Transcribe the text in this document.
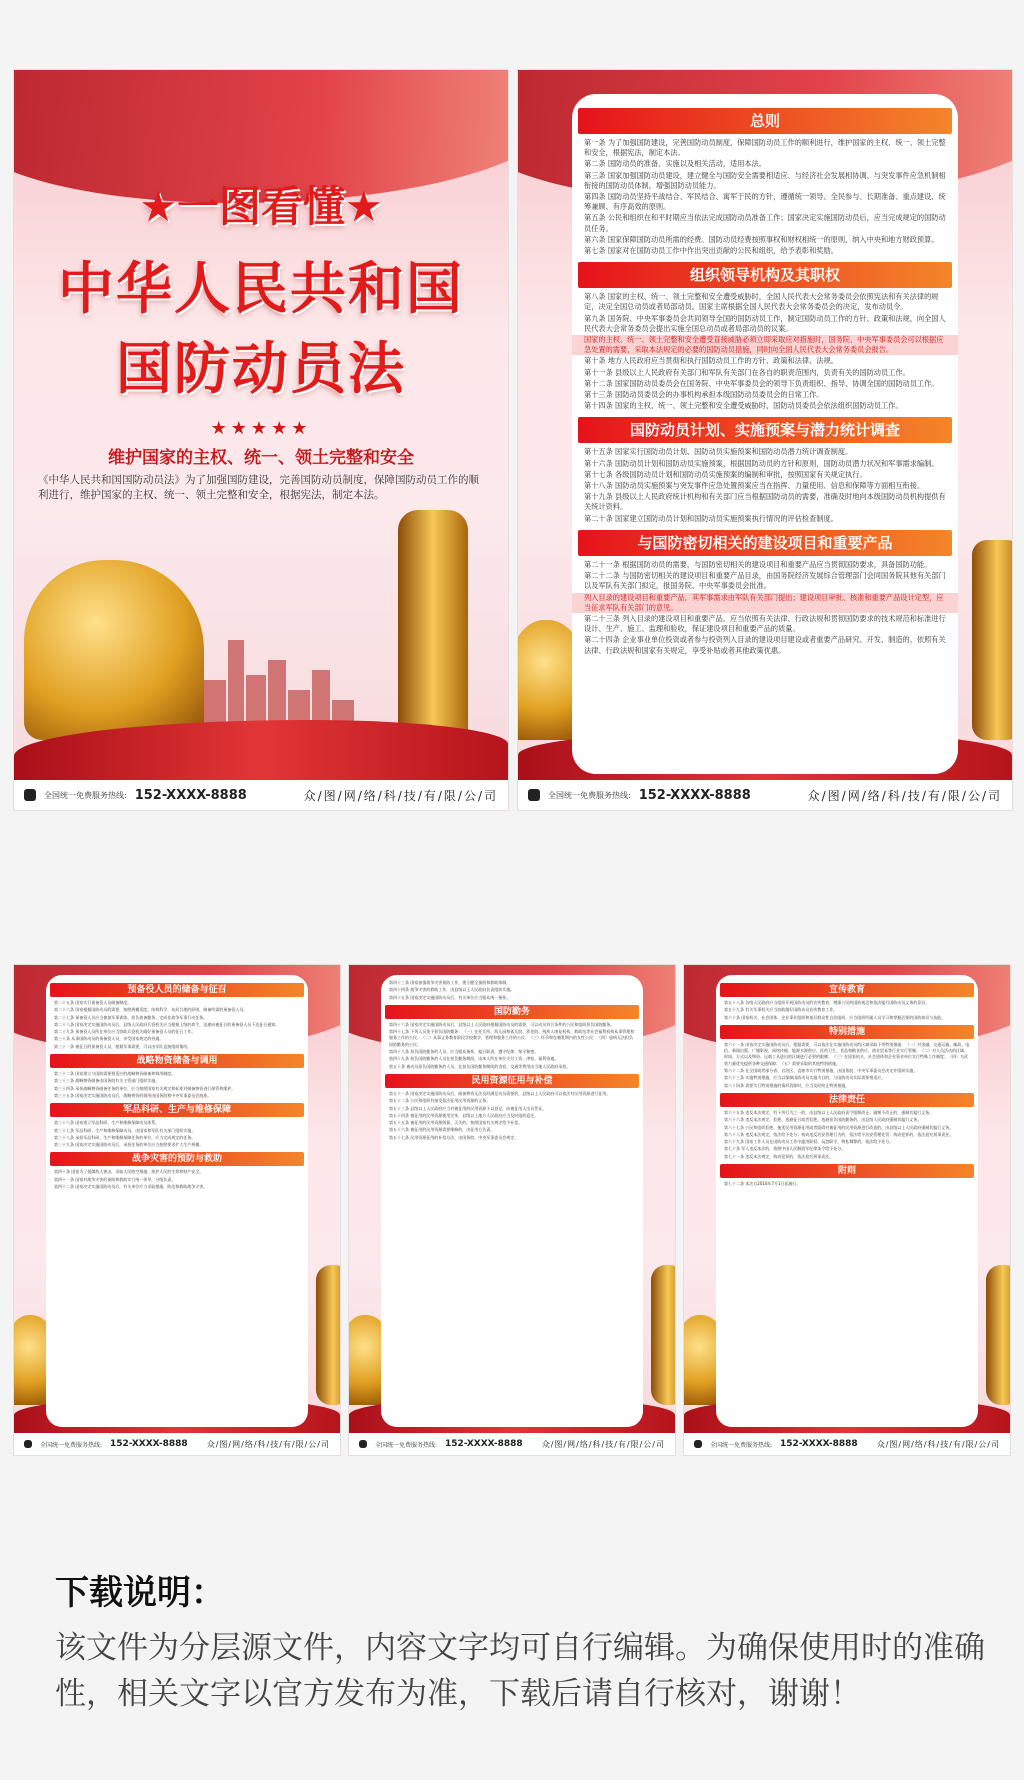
★一图看懂★
中华人民共和国
国防动员法
★★★★★
维护国家的主权、统一、领土完整和安全
《中华人民共和国国防动员法》为了加强国防建设，完善国防动员制度，保障国防动员工作的顺利进行，维护国家的主权、统一、领土完整和安全，根据宪法，制定本法。
全国统一免费服务热线: 152-XXXX-8888	众/图/网/络/科/技/有/限/公/司
总则
第一条 为了加强国防建设，完善国防动员制度，保障国防动员工作的顺利进行，维护国家的主权、统一、领土完整和安全，根据宪法，制定本法。
第二条 国防动员的准备、实施以及相关活动，适用本法。
第三条 国家加强国防动员建设，建立健全与国防安全需要相适应、与经济社会发展相协调、与突发事件应急机制相衔接的国防动员体制，增强国防动员能力。
第四条 国防动员坚持平战结合、军民结合、寓军于民的方针，遵循统一领导、全民参与、长期准备、重点建设、统筹兼顾、有序高效的原则。
第五条 公民和组织在和平时期应当依法完成国防动员准备工作；国家决定实施国防动员后，应当完成规定的国防动员任务。
第六条 国家保障国防动员所需的经费。国防动员经费按照事权和财权相统一的原则，纳入中央和地方财政预算。
第七条 国家对在国防动员工作中作出突出贡献的公民和组织，给予表彰和奖励。
组织领导机构及其职权
第八条 国家的主权、统一、领土完整和安全遭受威胁时，全国人民代表大会常务委员会依照宪法和有关法律的规定，决定全国总动员或者局部动员。国家主席根据全国人民代表大会常务委员会的决定，发布动员令。
第九条 国务院、中央军事委员会共同领导全国的国防动员工作，制定国防动员工作的方针、政策和法规，向全国人民代表大会常务委员会提出实施全国总动员或者局部动员的议案。
国家的主权、统一、领土完整和安全遭受直接威胁必须立即采取应对措施时，国务院、中央军事委员会可以根据应急处置的需要，采取本法规定的必要的国防动员措施，同时向全国人民代表大会常务委员会报告。
第十条 地方人民政府应当贯彻和执行国防动员工作的方针、政策和法律、法规。
第十一条 县级以上人民政府有关部门和军队有关部门在各自的职责范围内，负责有关的国防动员工作。
第十二条 国家国防动员委员会在国务院、中央军事委员会的领导下负责组织、指导、协调全国的国防动员工作。
第十三条 国防动员委员会的办事机构承担本级国防动员委员会的日常工作。
第十四条 国家的主权、统一、领土完整和安全遭受威胁时，国防动员委员会依法组织国防动员工作。
国防动员计划、实施预案与潜力统计调查
第十五条 国家实行国防动员计划、国防动员实施预案和国防动员潜力统计调查制度。
第十六条 国防动员计划和国防动员实施预案，根据国防动员的方针和原则，国防动员潜力状况和军事需求编制。
第十七条 各级国防动员计划和国防动员实施预案的编制和审批，按照国家有关规定执行。
第十八条 国防动员实施预案与突发事件应急处置预案应当在指挥、力量使用、信息和保障等方面相互衔接。
第十九条 县级以上人民政府统计机构和有关部门应当根据国防动员的需要，准确及时地向本级国防动员机构提供有关统计资料。
第二十条 国家建立国防动员计划和国防动员实施预案执行情况的评估检查制度。
与国防密切相关的建设项目和重要产品
第二十一条 根据国防动员的需要，与国防密切相关的建设项目和重要产品应当贯彻国防要求，具备国防功能。
第二十二条 与国防密切相关的建设项目和重要产品目录，由国务院经济发展综合管理部门会同国务院其他有关部门以及军队有关部门拟定，报国务院、中央军事委员会批准。
列入目录的建设项目和重要产品，其军事需求由军队有关部门提出；建设项目审批、核准和重要产品设计定型，应当征求军队有关部门的意见。
第二十三条 列入目录的建设项目和重要产品，应当依照有关法律、行政法规和贯彻国防要求的技术规范和标准进行设计、生产、施工、监理和验收，保证建设项目和重要产品的质量。
第二十四条 企业事业单位投资或者参与投资列入目录的建设项目建设或者重要产品研究、开发、制造的，依照有关法律、行政法规和国家有关规定，享受补贴或者其他政策优惠。
全国统一免费服务热线: 152-XXXX-8888	众/图/网/络/科/技/有/限/公/司
预备役人员的储备与征召
第二十五条 国家实行预备役人员储备制度。
第二十六条 国家根据国防动员的需要，按照规模适度、结构科学、布局合理的原则，储备所需的预备役人员。
第二十七条 预备役人员应当参加军事训练、担负战备勤务、完成非战争军事行动任务。
第二十八条 国家决定实施国防动员后，县级人民政府兵役机关应当根据上级的命令，迅速向被征召的预备役人员下达征召通知。
第二十九条 预备役人员所在单位应当协助兵役机关做好预备役人员的征召工作。
第三十条 从事国防动员的预备役人员，享受国家规定的待遇。
第三十一条 被征召的预备役人员，根据军事需要，可以由军队直接组织集结。
战略物资储备与调用
第三十二条 国家建立与国防需要相适应的战略物资储备和调用制度。
第三十三条 战略物资储备由国务院有关主管部门组织实施。
第三十四条 承担战略物资储备任务的单位，应当按照国家有关规定和标准对储备物资进行保管和维护。
第三十五条 国家决定实施国防动员后，战略物资的调用由国务院和中央军事委员会批准。
军品科研、生产与维修保障
第三十六条 国家建立军品科研、生产和维修保障动员体系。
第三十七条 军品科研、生产和维修保障动员，由国家和军队有关部门组织实施。
第三十八条 承担军品科研、生产和维修保障任务的单位，应当完成规定的任务。
第三十九条 国家决定实施国防动员后，承担任务的单位应当按照要求扩大生产规模。
战争灾害的预防与救助
第四十条 国家为了抵御敌人袭击，采取人民防空措施，保护人民的生命和财产安全。
第四十一条 国家对战争灾害的预防和救助实行统一领导、分级负责。
第四十二条 国家决定实施国防动员后，有关单位应当采取措施，防范和救助战争灾害。
全国统一免费服务热线: 152-XXXX-8888 众/图/网/络/科/技/有/限/公/司
第四十三条 国家加强战争灾害预防工作，建立健全预防和救助体制。
第四十四条 战争灾害的救助工作，由县级以上人民政府负责组织实施。
第四十五条 国家决定实施国防动员后，有关单位应当服从统一指挥。
国防勤务
第四十六条 国家决定实施国防动员后，县级以上人民政府根据国防动员的需要，可以动员符合条件的公民和组织担负国防勤务。
第四十七条 下列人员免予担负国防勤务：（一）在托儿所、幼儿园和孤儿院、养老院、残疾人康复机构、救助站等社会福利机构从事管理和服务工作的公民；（二）从事义务教育阶段学校教学、管理和服务工作的公民；（三）怀孕和在哺乳期内的女性公民；（四）患病无法担负国防勤务的公民。
第四十八条 担负国防勤务的人员，应当服从指挥，履行职责，遵守纪律，保守秘密。
第四十九条 担负国防勤务的人员在担负勤务期间，由本人所在单位支付工资、津贴、福利待遇。
第五十条 被动员担负国防勤务的人员，在担负国防勤务期间的食宿、交通等费用由当地人民政府承担。
民用资源征用与补偿
第五十一条 国家决定实施国防动员后，储备物资无法及时满足动员需要的，县级以上人民政府可以依法对民用资源进行征用。
第五十二条 公民和组织有接受依法征用民用资源的义务。
第五十三条 县级以上人民政府应当对被征用的民用资源予以登记，向被征用人出具凭证。
第五十四条 被征用的民用资源使用完毕，县级以上地方人民政府应当及时组织返还。
第五十五条 被征用的民用资源毁损、灭失的，按照国家有关规定给予补偿。
第五十六条 被征用的民用资源需要维修的，由征用方负责。
第五十七条 民用资源征用的补偿办法，由国务院、中央军事委员会规定。
全国统一免费服务热线: 152-XXXX-8888 众/图/网/络/科/技/有/限/公/司
宣传教育
第五十八条 各级人民政府应当组织开展国防动员的宣传教育，增强公民的国防观念和依法履行国防动员义务的意识。
第五十九条 有关军事机关应当协助做好国防动员宣传教育工作。
第六十条 国家机关、社会团体、企业事业组织和基层群众性自治组织，应当组织所属人员学习和掌握必要的国防知识与技能。
特别措施
第六十一条 国家决定实施国防动员后，根据需要，可以依法在实施国防动员的区域采取下列特别措施：（一）对金融、交通运输、邮政、电信、新闻出版、广播影视、网络传输、能源水源供应、医药卫生、食品和粮食供应、商业贸易等行业实行管制；（二）对人员活动的区域、时间、方式以及物资、运载工具进出的区域进行必要的限制；（三）在国家机关、社会团体和企业事业单位实行特殊工作制度；（四）为武装力量优先提供各种交通保障；（五）需要采取的其他特别措施。
第六十二条 在全国或者部分省、自治区、直辖市实行特别措施，由国务院、中央军事委员会决定并组织实施。
第六十三条 实施特别措施，应当以保障国防动员实施为目的，与国防动员实际需要相适应。
第六十四条 需要实行特别措施的情形消除时，应当及时终止特别措施。
法律责任
第六十五条 违反本法规定，有下列行为之一的，由县级以上人民政府责令限期改正；逾期不改正的，强制其履行义务。
第六十六条 违反本法规定，拒绝、逃避征召或者拒绝、逃避担负国防勤务的，由县级人民政府强制其履行义务。
第六十七条 公民和组织拒绝、拖延民用资源征用或者阻碍对被征用的民用资源进行改造的，由县级以上人民政府强制其履行义务。
第六十八条 违反本法规定，依法给予处分；构成违反治安管理行为的，依法给予治安管理处罚；构成犯罪的，依法追究刑事责任。
第六十九条 国家工作人员在国防动员工作中滥用职权、玩忽职守、徇私舞弊的，依法给予处分。
第七十条 军人违反本法的，依照中国人民解放军纪律条令给予处分。
第七十一条 违反本法规定，构成犯罪的，依法追究刑事责任。
附则
第七十二条 本法自2010年7月1日起施行。
全国统一免费服务热线: 152-XXXX-8888 众/图/网/络/科/技/有/限/公/司
下载说明：
该文件为分层源文件，内容文字均可自行编辑。为确保使用时的准确性，相关文字以官方发布为准，下载后请自行核对，谢谢！
